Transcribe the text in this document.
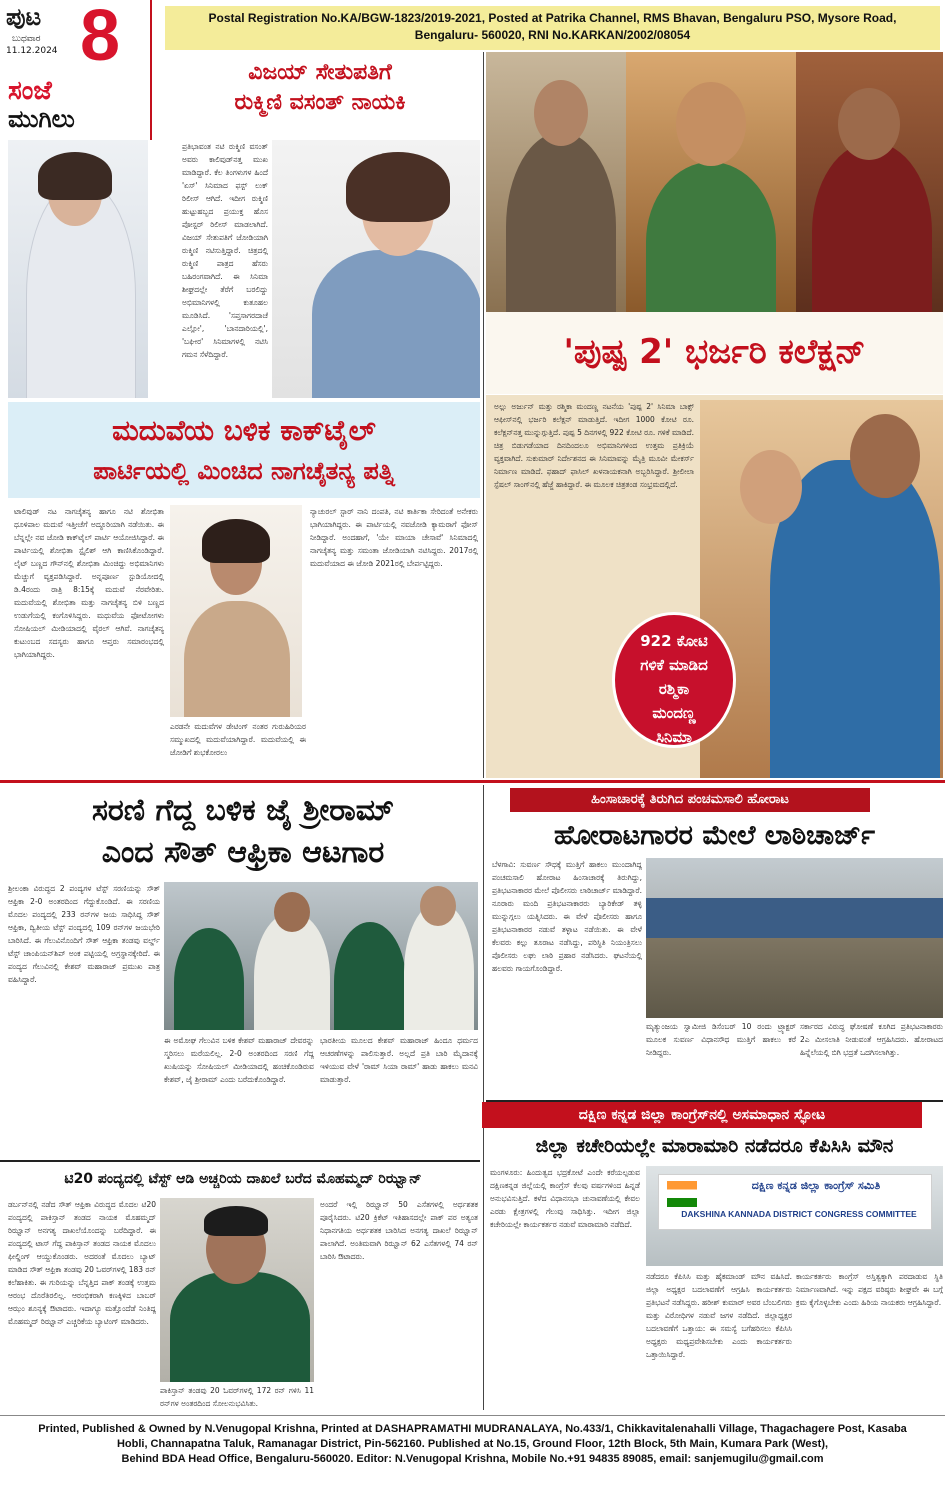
ಪುಟ
ಬುಧವಾರ
11.12.2024 8	Postal Registration No.KA/BGW-1823/2019-2021, Posted at Patrika Channel, RMS Bhavan, Bengaluru PSO, Mysore Road,
Bengaluru- 560020, RNI No.KARKAN/2002/08054
ಸಂಜೆ
ಮುಗಿಲು
ವಿಜಯ್ ಸೇತುಪತಿಗೆ
ರುಕ್ಮಿಣಿ ವಸಂತ್ ನಾಯಕಿ
ಪ್ರತಿಭಾವಂತ ನಟಿ ರುಕ್ಮಿಣಿ ವಸಂತ್ ಅವರು ಕಾಲಿವುಡ್‌ನತ್ತ ಮುಖ ಮಾಡಿದ್ದಾರೆ. ಕೆಲ ತಿಂಗಳುಗಳ ಹಿಂದೆ 'ಏಸ್' ಸಿನಿಮಾದ ಫಸ್ಟ್ ಲುಕ್ ರಿಲೀಸ್ ಆಗಿದೆ. ಇದೀಗ ರುಕ್ಮಿಣಿ ಹುಟ್ಟುಹಬ್ಬದ ಪ್ರಯುಕ್ತ ಹೊಸ ಪೋಸ್ಟರ್ ರಿಲೀಸ್ ಮಾಡಲಾಗಿದೆ. ವಿಜಯ್ ಸೇತುಪತಿಗೆ ಜೋಡಿಯಾಗಿ ರುಕ್ಮಿಣಿ ನಟಿಸುತ್ತಿದ್ದಾರೆ. ಚಿತ್ರದಲ್ಲಿ ರುಕ್ಮಿಣಿ ಪಾತ್ರದ ಹೆಸರು ಬಹಿರಂಗವಾಗಿದೆ. ಈ ಸಿನಿಮಾ ಶೀಘ್ರದಲ್ಲೇ ತೆರೆಗೆ ಬರಲಿದ್ದು ಅಭಿಮಾನಿಗಳಲ್ಲಿ ಕುತೂಹಲ ಮೂಡಿಸಿದೆ. 'ಸಪ್ತಸಾಗರದಾಚೆ ಎಲ್ಲೋ', 'ಬಾನದಾರಿಯಲ್ಲಿ', 'ಬಘೀರ' ಸಿನಿಮಾಗಳಲ್ಲಿ ನಟಿಸಿ ಗಮನ ಸೆಳೆದಿದ್ದಾರೆ.
ಮದುವೆಯ ಬಳಿಕ ಕಾಕ್‌ಟೈಲ್
ಪಾರ್ಟಿಯಲ್ಲಿ ಮಿಂಚಿದ ನಾಗಚೈತನ್ಯ ಪತ್ನಿ
ಟಾಲಿವುಡ್ ನಟ ನಾಗಚೈತನ್ಯ ಹಾಗೂ ನಟಿ ಶೋಭಿತಾ ಧೂಳಿಪಾಲ ಮದುವೆ ಇತ್ತೀಚೆಗೆ ಅದ್ಧೂರಿಯಾಗಿ ನಡೆಯಿತು. ಈ ಬೆನ್ನಲ್ಲೇ ನವ ಜೋಡಿ ಕಾಕ್‌ಟೈಲ್ ಪಾರ್ಟಿ ಆಯೋಜಿಸಿದ್ದಾರೆ. ಈ ಪಾರ್ಟಿಯಲ್ಲಿ ಶೋಭಿತಾ ಸ್ಟೈಲಿಶ್ ಆಗಿ ಕಾಣಿಸಿಕೊಂಡಿದ್ದಾರೆ. ಲೈಟ್ ಬಣ್ಣದ ಗೌನ್‌ನಲ್ಲಿ ಶೋಭಿತಾ ಮಿಂಚಿದ್ದು ಅಭಿಮಾನಿಗಳು ಮೆಚ್ಚುಗೆ ವ್ಯಕ್ತಪಡಿಸಿದ್ದಾರೆ. ಅನ್ನಪೂರ್ಣ ಸ್ಟುಡಿಯೋದಲ್ಲಿ ಡಿ.4ರಂದು ರಾತ್ರಿ 8:15ಕ್ಕೆ ಮದುವೆ ನೆರವೇರಿತು. ಮದುವೆಯಲ್ಲಿ ಶೋಭಿತಾ ಮತ್ತು ನಾಗಚೈತನ್ಯ ಬಿಳಿ ಬಣ್ಣದ ಉಡುಗೆಯಲ್ಲಿ ಕಂಗೊಳಿಸಿದ್ದರು. ಮಧುವೆಯ ಫೋಟೋಗಳು ಸೋಷಿಯಲ್ ಮೀಡಿಯಾದಲ್ಲಿ ವೈರಲ್ ಆಗಿವೆ. ನಾಗಚೈತನ್ಯ ಕುಟುಂಬದ ಸದಸ್ಯರು ಹಾಗೂ ಆಪ್ತರು ಸಮಾರಂಭದಲ್ಲಿ ಭಾಗಿಯಾಗಿದ್ದರು.
ಎರಡನೇ ಮದುವೆಗಳ ಡೇಟಿಂಗ್ ನಂತರ ಗುರುಹಿರಿಯರ ಸಮ್ಮುಖದಲ್ಲಿ ಮದುವೆಯಾಗಿದ್ದಾರೆ. ಮದುವೆಯಲ್ಲಿ ಈ ಜೋಡಿಗೆ ಶುಭಕೋರಲು
ನ್ಯಾಚುರಲ್ ಸ್ಟಾರ್ ನಾನಿ ದಂಪತಿ, ನಟಿ ಕಾರ್ತಿಕಾ ಸೇರಿದಂತೆ ಅನೇಕರು ಭಾಗಿಯಾಗಿದ್ದರು. ಈ ಪಾರ್ಟಿಯಲ್ಲಿ ನವಜೋಡಿ ಕ್ಯಾಮರಾಗೆ ಫೋಸ್ ನೀಡಿದ್ದಾರೆ. ಅಂದಹಾಗೆ, 'ಯೇ ಮಾಯಾ ಚೇಸಾವೆ' ಸಿನಿಮಾದಲ್ಲಿ ನಾಗಚೈತನ್ಯ ಮತ್ತು ಸಮಂತಾ ಜೋಡಿಯಾಗಿ ನಟಿಸಿದ್ದರು. 2017ರಲ್ಲಿ ಮದುವೆಯಾದ ಈ ಜೋಡಿ 2021ರಲ್ಲಿ ಬೇರ್ಪಟ್ಟಿದ್ದರು.
'ಪುಷ್ಪ 2' ಭರ್ಜರಿ ಕಲೆಕ್ಷನ್
ಅಲ್ಲು ಅರ್ಜುನ್ ಮತ್ತು ರಶ್ಮಿಕಾ ಮಂದಣ್ಣ ನಟನೆಯ 'ಪುಷ್ಪ 2' ಸಿನಿಮಾ ಬಾಕ್ಸ್ ಆಫೀಸ್‌ನಲ್ಲಿ ಭರ್ಜರಿ ಕಲೆಕ್ಷನ್ ಮಾಡುತ್ತಿದೆ. ಇದೀಗ 1000 ಕೋಟಿ ರೂ. ಕಲೆಕ್ಷನ್‌ನತ್ತ ಮುನ್ನುಗ್ಗುತ್ತಿದೆ. ಪುಷ್ಪ 5 ದಿನಗಳಲ್ಲಿ 922 ಕೋಟಿ ರೂ. ಗಳಿಕೆ ಮಾಡಿದೆ. ಚಿತ್ರ ಬಿಡುಗಡೆಯಾದ ದಿನದಿಂದಲೂ ಅಭಿಮಾನಿಗಳಿಂದ ಉತ್ತಮ ಪ್ರತಿಕ್ರಿಯೆ ವ್ಯಕ್ತವಾಗಿದೆ. ಸುಕುಮಾರ್ ನಿರ್ದೇಶನದ ಈ ಸಿನಿಮಾವನ್ನು ಮೈತ್ರಿ ಮೂವೀ ಮೇಕರ್ಸ್ ನಿರ್ಮಾಣ ಮಾಡಿದೆ. ಫಹಾದ್ ಫಾಸಿಲ್ ಖಳನಾಯಕನಾಗಿ ಅಬ್ಬರಿಸಿದ್ದಾರೆ. ಶ್ರೀಲೀಲಾ ಸ್ಪೆಷಲ್ ಸಾಂಗ್‌ನಲ್ಲಿ ಹೆಜ್ಜೆ ಹಾಕಿದ್ದಾರೆ. ಈ ಮೂಲಕ ಚಿತ್ರತಂಡ ಸಂಭ್ರಮದಲ್ಲಿದೆ.
922 ಕೋಟಿ
ಗಳಿಕೆ ಮಾಡಿದ
ರಶ್ಮಿಕಾ
ಮಂದಣ್ಣ
ಸಿನಿಮಾ
ಸರಣಿ ಗೆದ್ದ ಬಳಿಕ ಜೈ ಶ್ರೀರಾಮ್
ಎಂದ ಸೌತ್ ಆಫ್ರಿಕಾ ಆಟಗಾರ
ಶ್ರೀಲಂಕಾ ವಿರುದ್ಧದ 2 ಪಂದ್ಯಗಳ ಟೆಸ್ಟ್ ಸರಣಿಯನ್ನು ಸೌತ್ ಆಫ್ರಿಕಾ 2-0 ಅಂತರದಿಂದ ಗೆದ್ದುಕೊಂಡಿದೆ. ಈ ಸರಣಿಯ ಮೊದಲ ಪಂದ್ಯದಲ್ಲಿ 233 ರನ್‌ಗಳ ಜಯ ಸಾಧಿಸಿದ್ದ ಸೌತ್ ಆಫ್ರಿಕಾ, ದ್ವಿತೀಯ ಟೆಸ್ಟ್ ಪಂದ್ಯದಲ್ಲಿ 109 ರನ್‌ಗಳ ಜಯಭೇರಿ ಬಾರಿಸಿದೆ. ಈ ಗೆಲುವಿನೊಂದಿಗೆ ಸೌತ್ ಆಫ್ರಿಕಾ ತಂಡವು ವರ್ಲ್ಡ್ ಟೆಸ್ಟ್ ಚಾಂಪಿಯನ್‌ಶಿಪ್ ಅಂಕ ಪಟ್ಟಿಯಲ್ಲಿ ಅಗ್ರಸ್ಥಾನಕ್ಕೇರಿದೆ. ಈ ಪಂದ್ಯದ ಗೆಲುವಿನಲ್ಲಿ ಕೇಶವ್ ಮಹಾರಾಜ್ ಪ್ರಮುಖ ಪಾತ್ರ ವಹಿಸಿದ್ದಾರೆ.
ಈ ಅಮೋಘ ಗೆಲುವಿನ ಬಳಿಕ ಕೇಶವ್ ಮಹಾರಾಜ್ ದೇವರನ್ನು ಸ್ಮರಿಸಲು ಮರೆಯಲಿಲ್ಲ. 2-0 ಅಂತರದಿಂದ ಸರಣಿ ಗೆದ್ದ ಖುಷಿಯನ್ನು ಸೋಷಿಯಲ್ ಮೀಡಿಯಾದಲ್ಲಿ ಹಂಚಿಕೊಂಡಿರುವ ಕೇಶವ್, ಜೈ ಶ್ರೀರಾಮ್ ಎಂದು ಬರೆದುಕೊಂಡಿದ್ದಾರೆ.
ಭಾರತೀಯ ಮೂಲದ ಕೇಶವ್ ಮಹಾರಾಜ್ ಹಿಂದೂ ಧರ್ಮದ ಆಚರಣೆಗಳನ್ನು ಪಾಲಿಸುತ್ತಾರೆ. ಅಲ್ಲದೆ ಪ್ರತಿ ಬಾರಿ ಮೈದಾನಕ್ಕೆ ಇಳಿಯುವ ವೇಳೆ 'ರಾಮ್ ಸಿಯಾ ರಾಮ್' ಹಾಡು ಹಾಕಲು ಮನವಿ ಮಾಡುತ್ತಾರೆ.
ಹಿಂಸಾಚಾರಕ್ಕೆ ತಿರುಗಿದ ಪಂಚಮಸಾಲಿ ಹೋರಾಟ
ಹೋರಾಟಗಾರರ ಮೇಲೆ ಲಾಠಿಚಾರ್ಜ್
ಬೆಳಗಾವಿ: ಸುವರ್ಣ ಸೌಧಕ್ಕೆ ಮುತ್ತಿಗೆ ಹಾಕಲು ಮುಂದಾಗಿದ್ದ ಪಂಚಮಸಾಲಿ ಹೋರಾಟ ಹಿಂಸಾಚಾರಕ್ಕೆ ತಿರುಗಿದ್ದು, ಪ್ರತಿಭಟನಾಕಾರರ ಮೇಲೆ ಪೊಲೀಸರು ಲಾಠಿಚಾರ್ಜ್ ಮಾಡಿದ್ದಾರೆ. ನೂರಾರು ಮಂದಿ ಪ್ರತಿಭಟನಾಕಾರರು ಬ್ಯಾರಿಕೇಡ್ ತಳ್ಳಿ ಮುನ್ನುಗ್ಗಲು ಯತ್ನಿಸಿದರು. ಈ ವೇಳೆ ಪೊಲೀಸರು ಹಾಗೂ ಪ್ರತಿಭಟನಾಕಾರರ ನಡುವೆ ತಳ್ಳಾಟ ನಡೆಯಿತು. ಈ ವೇಳೆ ಕೆಲವರು ಕಲ್ಲು ತೂರಾಟ ನಡೆಸಿದ್ದು, ಪರಿಸ್ಥಿತಿ ನಿಯಂತ್ರಿಸಲು ಪೊಲೀಸರು ಲಘು ಲಾಠಿ ಪ್ರಹಾರ ನಡೆಸಿದರು. ಘಟನೆಯಲ್ಲಿ ಹಲವರು ಗಾಯಗೊಂಡಿದ್ದಾರೆ.
ಮೃತ್ಯುಂಜಯ ಸ್ವಾಮೀಜಿ ಡಿಸೆಂಬರ್ 10 ರಂದು ಟ್ರ್ಯಾಕ್ಟರ್ ಮೂಲಕ ಸುವರ್ಣ ವಿಧಾನಸೌಧ ಮುತ್ತಿಗೆ ಹಾಕಲು ಕರೆ ನೀಡಿದ್ದರು.
ಸರ್ಕಾರದ ವಿರುದ್ಧ ಘೋಷಣೆ ಕೂಗಿದ ಪ್ರತಿಭಟನಾಕಾರರು 2ಎ ಮೀಸಲಾತಿ ನೀಡುವಂತೆ ಆಗ್ರಹಿಸಿದರು. ಹೋರಾಟದ ಹಿನ್ನೆಲೆಯಲ್ಲಿ ಬಿಗಿ ಭದ್ರತೆ ಒದಗಿಸಲಾಗಿತ್ತು.
ಟಿ20 ಪಂದ್ಯದಲ್ಲಿ ಟೆಸ್ಟ್ ಆಡಿ ಅಚ್ಚರಿಯ ದಾಖಲೆ ಬರೆದ ಮೊಹಮ್ಮದ್ ರಿಝ್ವಾನ್
ಡರ್ಬನ್‌ನಲ್ಲಿ ನಡೆದ ಸೌತ್ ಆಫ್ರಿಕಾ ವಿರುದ್ಧದ ಮೊದಲ ಟಿ20 ಪಂದ್ಯದಲ್ಲಿ ಪಾಕಿಸ್ತಾನ್ ತಂಡದ ನಾಯಕ ಮೊಹಮ್ಮದ್ ರಿಝ್ವಾನ್ ಅನಗತ್ಯ ದಾಖಲೆಯೊಂದನ್ನು ಬರೆದಿದ್ದಾರೆ. ಈ ಪಂದ್ಯದಲ್ಲಿ ಟಾಸ್ ಗೆದ್ದ ಪಾಕಿಸ್ತಾನ್ ತಂಡದ ನಾಯಕ ಮೊದಲು ಫೀಲ್ಡಿಂಗ್ ಆಯ್ದುಕೊಂಡರು. ಅದರಂತೆ ಮೊದಲು ಬ್ಯಾಟ್ ಮಾಡಿದ ಸೌತ್ ಆಫ್ರಿಕಾ ತಂಡವು 20 ಓವರ್‌ಗಳಲ್ಲಿ 183 ರನ್ ಕಲೆಹಾಕಿತು. ಈ ಗುರಿಯನ್ನು ಬೆನ್ನತ್ತಿದ ಪಾಕ್ ತಂಡಕ್ಕೆ ಉತ್ತಮ ಆರಂಭ ದೊರೆತಿರಲಿಲ್ಲ. ಆರಂಭಿಕರಾಗಿ ಕಣಕ್ಕಿಳಿದ ಬಾಬರ್ ಆಝಂ ಶೂನ್ಯಕ್ಕೆ ಔಟಾದರು. ಇದಾಗ್ಯೂ ಮತ್ತೊಂದೆಡೆ ನಿಂತಿದ್ದ ಮೊಹಮ್ಮದ್ ರಿಝ್ವಾನ್ ಎಚ್ಚರಿಕೆಯ ಬ್ಯಾಟಿಂಗ್ ಮಾಡಿದರು.
ಪಾಕಿಸ್ತಾನ್ ತಂಡವು 20 ಓವರ್‌ಗಳಲ್ಲಿ 172 ರನ್ ಗಳಿಸಿ 11 ರನ್‌ಗಳ ಅಂತರದಿಂದ ಸೋಲನುಭವಿಸಿತು.
ಅಂದರೆ ಇಲ್ಲಿ ರಿಝ್ವಾನ್ 50 ಎಸೆತಗಳಲ್ಲಿ ಅರ್ಧಶತಕ ಪೂರೈಸಿದರು. ಟಿ20 ಕ್ರಿಕೆಟ್ ಇತಿಹಾಸದಲ್ಲೇ ಪಾಕ್ ಪರ ಅತ್ಯಂತ ನಿಧಾನಗತಿಯ ಅರ್ಧಶತಕ ಬಾರಿಸಿದ ಅನಗತ್ಯ ದಾಖಲೆ ರಿಝ್ವಾನ್ ಪಾಲಾಗಿದೆ. ಅಂತಿಮವಾಗಿ ರಿಝ್ವಾನ್ 62 ಎಸೆತಗಳಲ್ಲಿ 74 ರನ್ ಬಾರಿಸಿ ಔಟಾದರು.
ದಕ್ಷಿಣ ಕನ್ನಡ ಜಿಲ್ಲಾ ಕಾಂಗ್ರೆಸ್‌ನಲ್ಲಿ ಅಸಮಾಧಾನ ಸ್ಫೋಟ
ಜಿಲ್ಲಾ ಕಚೇರಿಯಲ್ಲೇ ಮಾರಾಮಾರಿ ನಡೆದರೂ ಕೆಪಿಸಿಸಿ ಮೌನ
ಮಂಗಳೂರು: ಹಿಂದುತ್ವದ ಭದ್ರಕೋಟೆ ಎಂದೇ ಕರೆಯಲ್ಪಡುವ ದಕ್ಷಿಣಕನ್ನಡ ಜಿಲ್ಲೆಯಲ್ಲಿ ಕಾಂಗ್ರೆಸ್ ಕೆಲವು ವರ್ಷಗಳಿಂದ ಹಿನ್ನಡೆ ಅನುಭವಿಸುತ್ತಿದೆ. ಕಳೆದ ವಿಧಾನಸಭಾ ಚುನಾವಣೆಯಲ್ಲಿ ಕೇವಲ ಎರಡು ಕ್ಷೇತ್ರಗಳಲ್ಲಿ ಗೆಲುವು ಸಾಧಿಸಿತ್ತು. ಇದೀಗ ಜಿಲ್ಲಾ ಕಚೇರಿಯಲ್ಲೇ ಕಾರ್ಯಕರ್ತರ ನಡುವೆ ಮಾರಾಮಾರಿ ನಡೆದಿದೆ.
ದಕ್ಷಿಣ ಕನ್ನಡ ಜಿಲ್ಲಾ ಕಾಂಗ್ರೆಸ್ ಸಮಿತಿ
DAKSHINA KANNADA DISTRICT CONGRESS COMMITTEE
ನಡೆದರೂ ಕೆಪಿಸಿಸಿ ಮತ್ತು ಹೈಕಮಾಂಡ್ ಮೌನ ವಹಿಸಿದೆ. ಜಿಲ್ಲಾ ಅಧ್ಯಕ್ಷರ ಬದಲಾವಣೆಗೆ ಆಗ್ರಹಿಸಿ ಕಾರ್ಯಕರ್ತರು ಪ್ರತಿಭಟನೆ ನಡೆಸಿದ್ದರು. ಹರೀಶ್ ಕುಮಾರ್ ಅವರ ಬೆಂಬಲಿಗರು ಮತ್ತು ವಿರೋಧಿಗಳ ನಡುವೆ ಜಗಳ ನಡೆದಿದೆ. ಜಿಲ್ಲಾಧ್ಯಕ್ಷರ ಬದಲಾವಣೆಗೆ ಒತ್ತಾಯ: ಈ ಸಮಸ್ಯೆ ಬಗೆಹರಿಸಲು ಕೆಪಿಸಿಸಿ ಅಧ್ಯಕ್ಷರು ಮಧ್ಯಪ್ರವೇಶಿಸಬೇಕು ಎಂದು ಕಾರ್ಯಕರ್ತರು ಒತ್ತಾಯಿಸಿದ್ದಾರೆ.
ಕಾರ್ಯಕರ್ತರು ಕಾಂಗ್ರೆಸ್ ಅಸ್ತಿತ್ವಕ್ಕಾಗಿ ಪರದಾಡುವ ಸ್ಥಿತಿ ನಿರ್ಮಾಣವಾಗಿದೆ. ಇನ್ನು ಪಕ್ಷದ ವರಿಷ್ಠರು ಶೀಘ್ರವೇ ಈ ಬಗ್ಗೆ ಕ್ರಮ ಕೈಗೊಳ್ಳಬೇಕು ಎಂದು ಹಿರಿಯ ನಾಯಕರು ಆಗ್ರಹಿಸಿದ್ದಾರೆ.
Printed, Published & Owned by N.Venugopal Krishna, Printed at DASHAPRAMATHI MUDRANALAYA, No.433/1, Chikkavitalenahalli Village, Thagachagere Post, Kasaba
Hobli, Channapatna Taluk, Ramanagar District, Pin-562160. Published at No.15, Ground Floor, 12th Block, 5th Main, Kumara Park (West),
Behind BDA Head Office, Bengaluru-560020. Editor: N.Venugopal Krishna, Mobile No.+91 94835 89085, email: sanjemugilu@gmail.com
